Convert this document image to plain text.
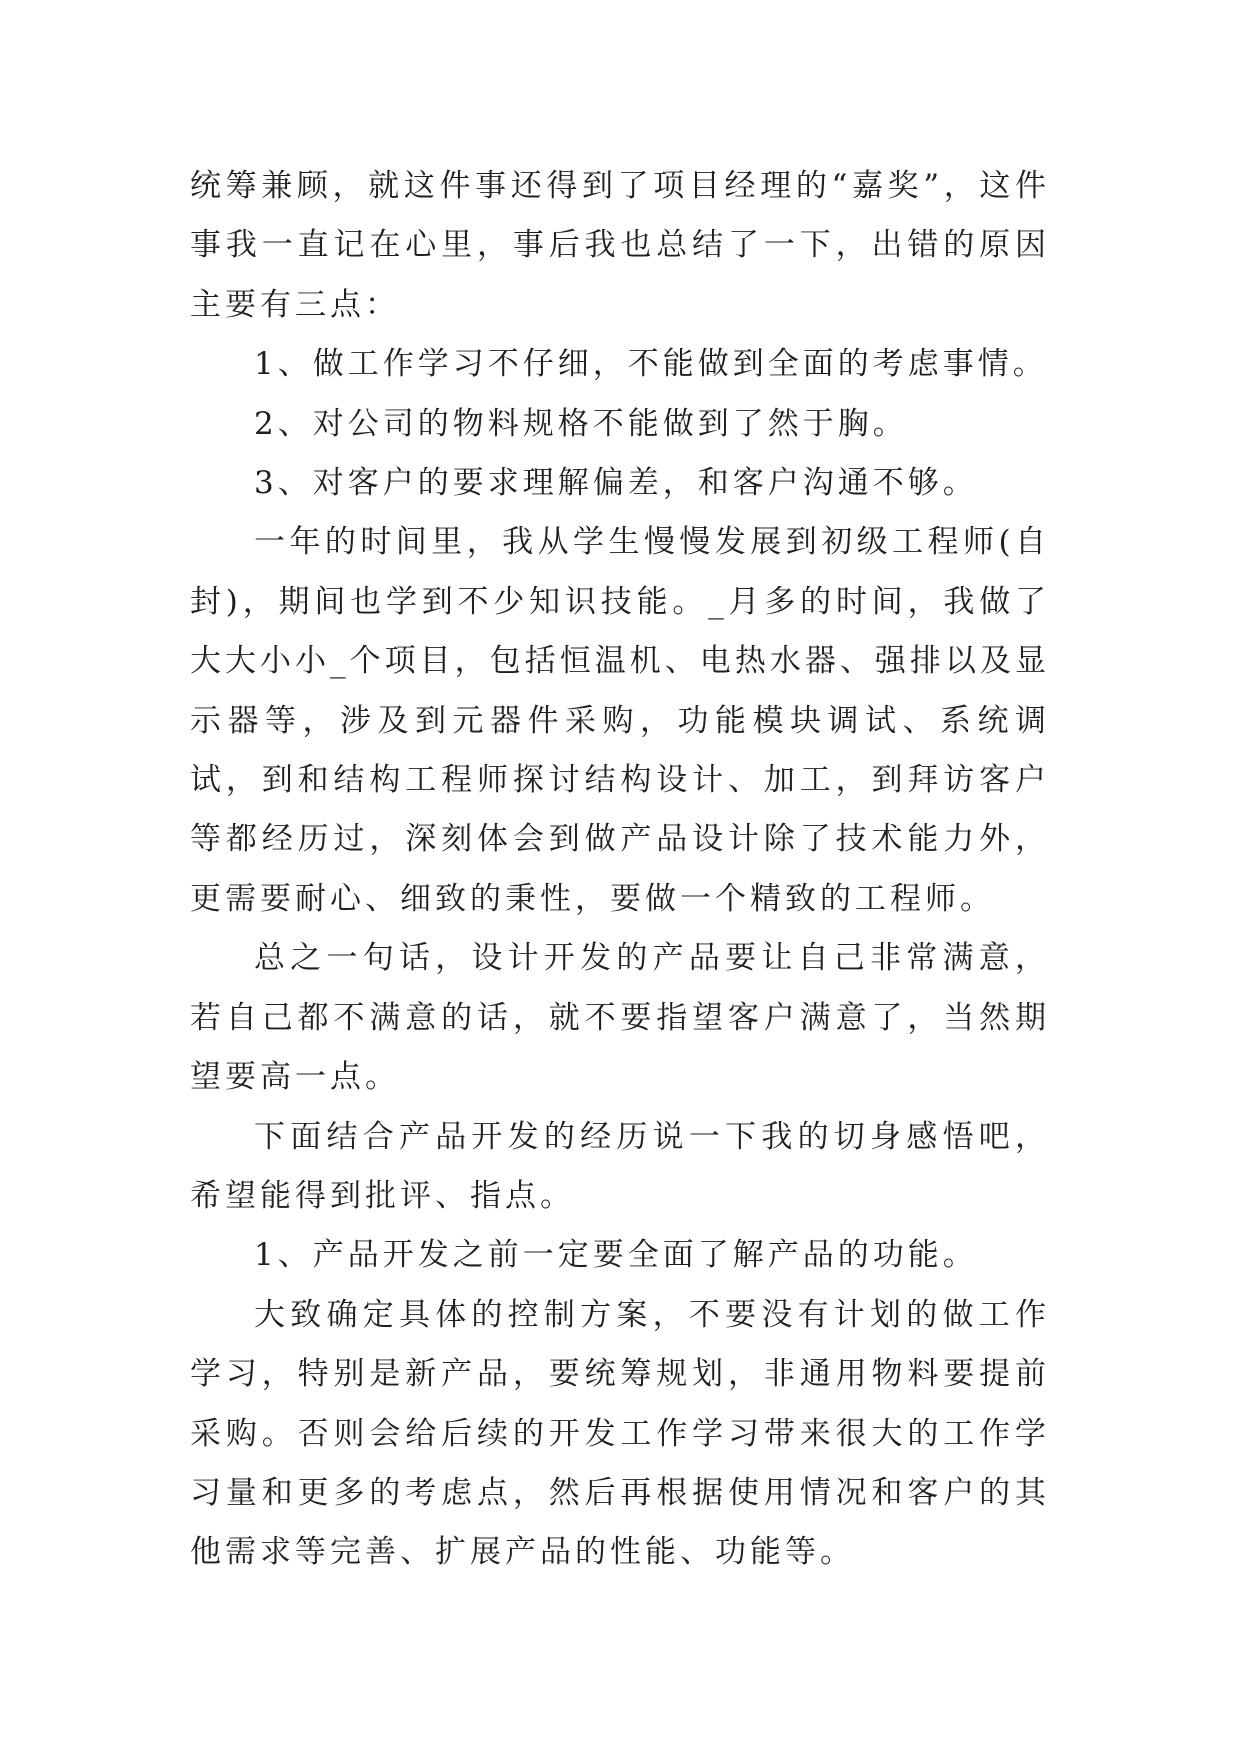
统筹兼顾，就这件事还得到了项目经理的“嘉奖”，这件事我一直记在心里，事后我也总结了一下，出错的原因主要有三点：

1、做工作学习不仔细，不能做到全面的考虑事情。

2、对公司的物料规格不能做到了然于胸。

3、对客户的要求理解偏差，和客户沟通不够。

一年的时间里，我从学生慢慢发展到初级工程师(自封)，期间也学到不少知识技能。_月多的时间，我做了大大小小_个项目，包括恒温机、电热水器、强排以及显示器等，涉及到元器件采购，功能模块调试、系统调试，到和结构工程师探讨结构设计、加工，到拜访客户等都经历过，深刻体会到做产品设计除了技术能力外，更需要耐心、细致的秉性，要做一个精致的工程师。

总之一句话，设计开发的产品要让自己非常满意，若自己都不满意的话，就不要指望客户满意了，当然期望要高一点。

下面结合产品开发的经历说一下我的切身感悟吧，希望能得到批评、指点。

1、产品开发之前一定要全面了解产品的功能。

大致确定具体的控制方案，不要没有计划的做工作学习，特别是新产品，要统筹规划，非通用物料要提前采购。否则会给后续的开发工作学习带来很大的工作学习量和更多的考虑点，然后再根据使用情况和客户的其他需求等完善、扩展产品的性能、功能等。
